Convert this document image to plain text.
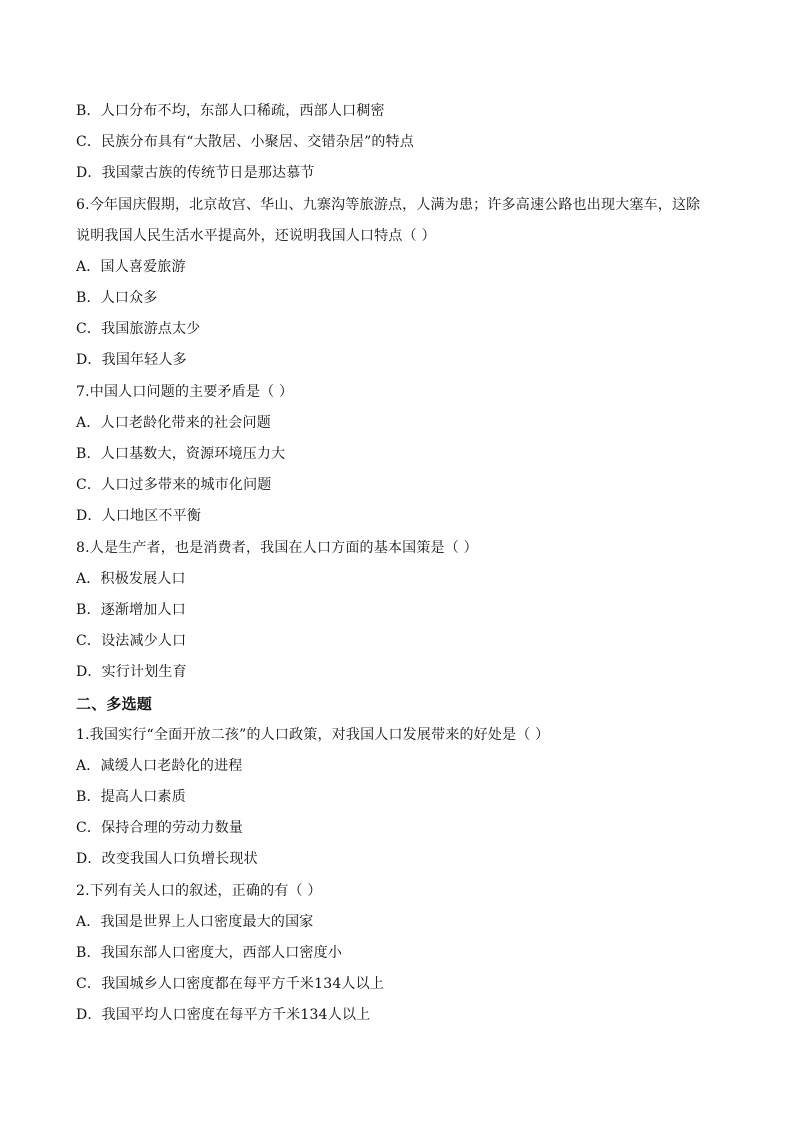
B．人口分布不均，东部人口稀疏，西部人口稠密
C．民族分布具有“大散居、小聚居、交错杂居”的特点
D．我国蒙古族的传统节日是那达慕节
6.今年国庆假期，北京故宫、华山、九寨沟等旅游点，人满为患；许多高速公路也出现大塞车，这除
说明我国人民生活水平提高外，还说明我国人口特点（ ）
A．国人喜爱旅游
B．人口众多
C．我国旅游点太少
D．我国年轻人多
7.中国人口问题的主要矛盾是（ ）
A．人口老龄化带来的社会问题
B．人口基数大，资源环境压力大
C．人口过多带来的城市化问题
D．人口地区不平衡
8.人是生产者，也是消费者，我国在人口方面的基本国策是（ ）
A．积极发展人口
B．逐渐增加人口
C．设法减少人口
D．实行计划生育
二、多选题
1.我国实行“全面开放二孩”的人口政策，对我国人口发展带来的好处是（ ）
A．减缓人口老龄化的进程
B．提高人口素质
C．保持合理的劳动力数量
D．改变我国人口负增长现状
2.下列有关人口的叙述，正确的有（ ）
A．我国是世界上人口密度最大的国家
B．我国东部人口密度大，西部人口密度小
C．我国城乡人口密度都在每平方千米134人以上
D．我国平均人口密度在每平方千米134人以上
